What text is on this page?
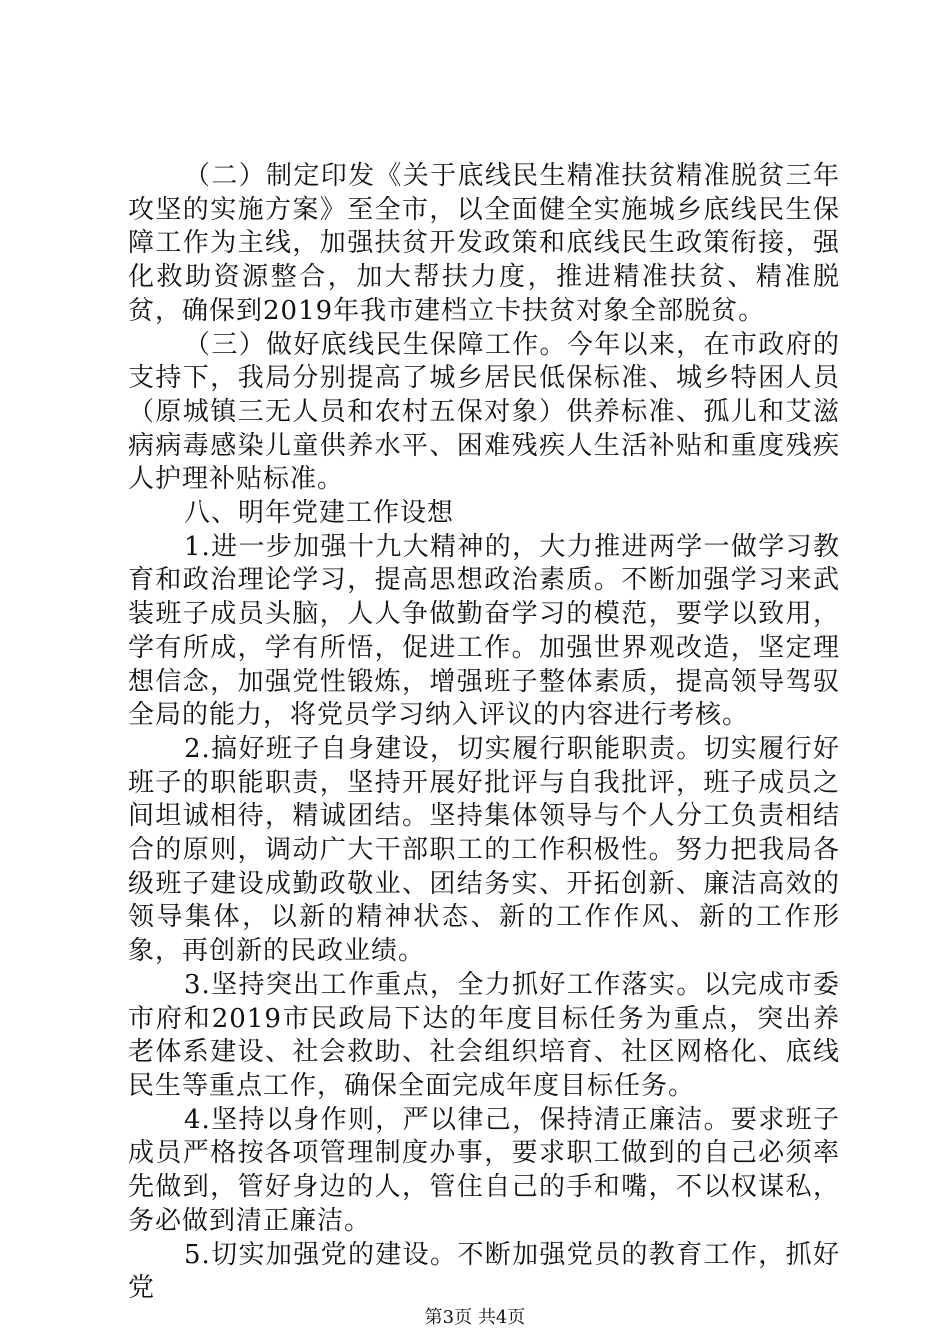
（二）制定印发《关于底线民生精准扶贫精准脱贫三年攻坚的实施方案》至全市，以全面健全实施城乡底线民生保障工作为主线，加强扶贫开发政策和底线民生政策衔接，强化救助资源整合，加大帮扶力度，推进精准扶贫、精准脱贫，确保到2019年我市建档立卡扶贫对象全部脱贫。

（三）做好底线民生保障工作。今年以来，在市政府的支持下，我局分别提高了城乡居民低保标准、城乡特困人员（原城镇三无人员和农村五保对象）供养标准、孤儿和艾滋病病毒感染儿童供养水平、困难残疾人生活补贴和重度残疾人护理补贴标准。

八、明年党建工作设想

1.进一步加强十九大精神的，大力推进两学一做学习教育和政治理论学习，提高思想政治素质。不断加强学习来武装班子成员头脑，人人争做勤奋学习的模范，要学以致用，学有所成，学有所悟，促进工作。加强世界观改造，坚定理想信念，加强党性锻炼，增强班子整体素质，提高领导驾驭全局的能力，将党员学习纳入评议的内容进行考核。

2.搞好班子自身建设，切实履行职能职责。切实履行好班子的职能职责，坚持开展好批评与自我批评，班子成员之间坦诚相待，精诚团结。坚持集体领导与个人分工负责相结合的原则，调动广大干部职工的工作积极性。努力把我局各级班子建设成勤政敬业、团结务实、开拓创新、廉洁高效的领导集体，以新的精神状态、新的工作作风、新的工作形象，再创新的民政业绩。

3.坚持突出工作重点，全力抓好工作落实。以完成市委市府和2019市民政局下达的年度目标任务为重点，突出养老体系建设、社会救助、社会组织培育、社区网格化、底线民生等重点工作，确保全面完成年度目标任务。

4.坚持以身作则，严以律己，保持清正廉洁。要求班子成员严格按各项管理制度办事，要求职工做到的自己必须率先做到，管好身边的人，管住自己的手和嘴，不以权谋私，务必做到清正廉洁。

5.切实加强党的建设。不断加强党员的教育工作，抓好党

第3页 共4页
